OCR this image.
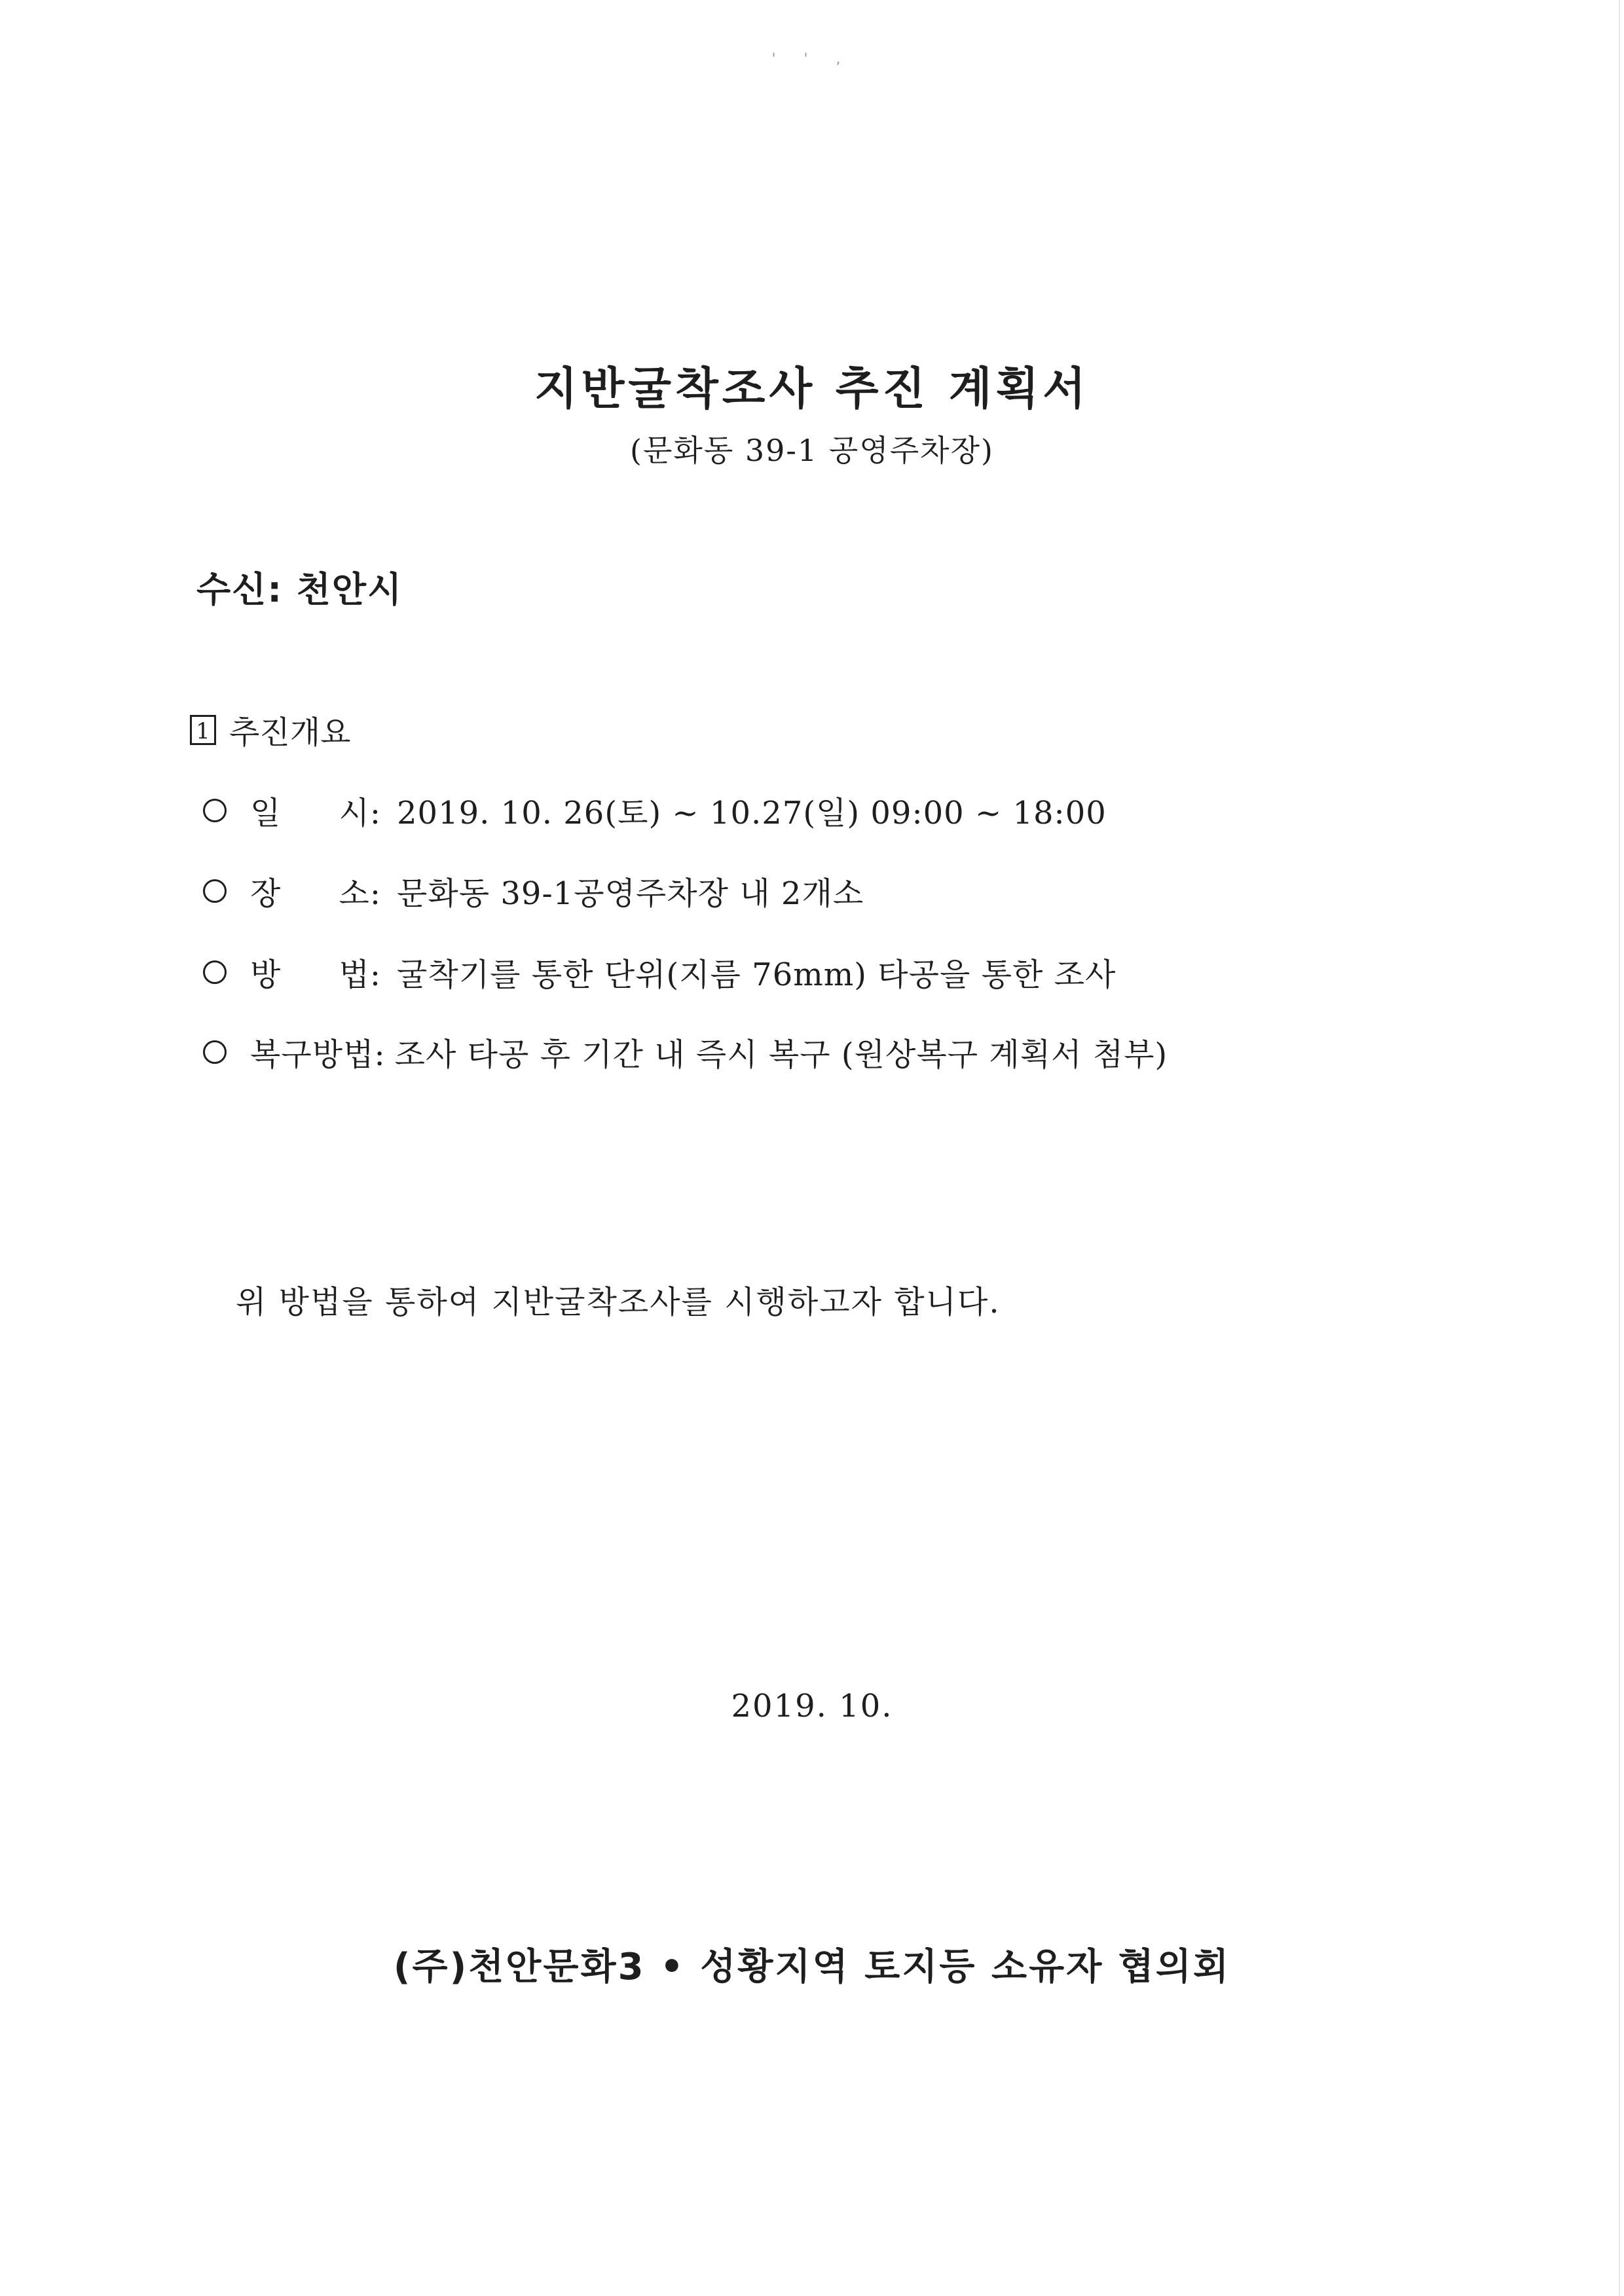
' ' ,
지반굴착조사 추진 계획서
(문화동 39-1 공영주차장)
수신: 천안시
1 추진개요
일 시: 2019. 10. 26(토) ~ 10.27(일) 09:00 ~ 18:00
장 소: 문화동 39-1공영주차장 내 2개소
방 법: 굴착기를 통한 단위(지름 76mm) 타공을 통한 조사
복구방법: 조사 타공 후 기간 내 즉시 복구 (원상복구 계획서 첨부)
위 방법을 통하여 지반굴착조사를 시행하고자 합니다.
2019. 10.
(주)천안문화3 • 성황지역 토지등 소유자 협의회
